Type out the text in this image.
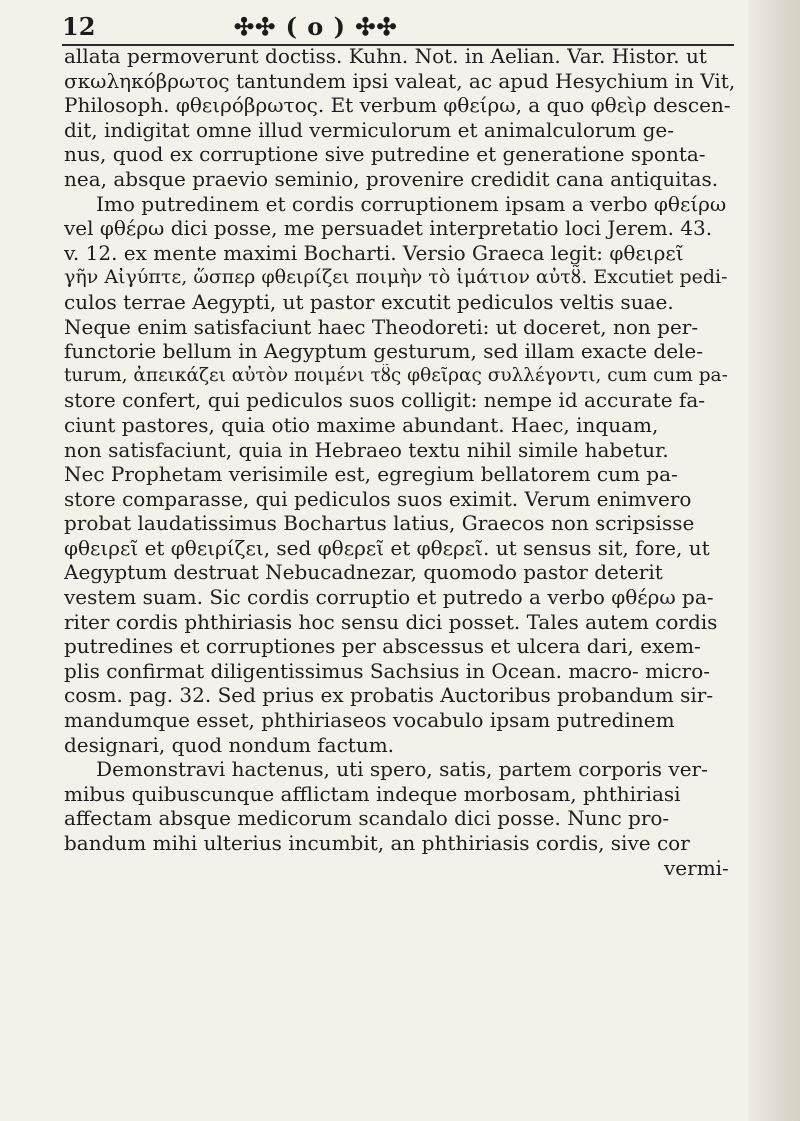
12	✣✣ ( o ) ✣✣
allata permoverunt doctiss. Kuhn. Not. in Aelian. Var. Histor. ut
σκωληκόβρωτος tantundem ipsi valeat, ac apud Hesychium in Vit,
Philosoph. φθειρόβρωτος. Et verbum φθείρω, a quo φθεὶρ descen-
dit, indigitat omne illud vermiculorum et animalculorum ge-
nus, quod ex corruptione sive putredine et generatione sponta-
nea, absque praevio seminio, provenire credidit cana antiquitas.
Imo putredinem et cordis corruptionem ipsam a verbo φθείρω
vel φθέρω dici posse, me persuadet interpretatio loci Jerem. 43.
v. 12. ex mente maximi Bocharti. Versio Graeca legit: φθειρεῖ
γῆν Αἰγύπτε, ὥσπερ φθειρίζει ποιμὴν τὸ ἱμάτιον αὐτȣ̃. Excutiet pedi-
culos terrae Aegypti, ut pastor excutit pediculos veltis suae.
Neque enim satisfaciunt haec Theodoreti: ut doceret, non per-
functorie bellum in Aegyptum gesturum, sed illam exacte dele-
turum, ἀπεικάζει αὐτὸν ποιμένι τȣ̃ς φθεῖρας συλλέγοντι, cum cum pa-
store confert, qui pediculos suos colligit: nempe id accurate fa-
ciunt pastores, quia otio maxime abundant. Haec, inquam,
non satisfaciunt, quia in Hebraeo textu nihil simile habetur.
Nec Prophetam verisimile est, egregium bellatorem cum pa-
store comparasse, qui pediculos suos eximit. Verum enimvero
probat laudatissimus Bochartus latius, Graecos non scripsisse
φθειρεῖ et φθειρίζει, sed φθερεῖ et φθερεῖ. ut sensus sit, fore, ut
Aegyptum destruat Nebucadnezar, quomodo pastor deterit
vestem suam. Sic cordis corruptio et putredo a verbo φθέρω pa-
riter cordis phthiriasis hoc sensu dici posset. Tales autem cordis
putredines et corruptiones per abscessus et ulcera dari, exem-
plis confirmat diligentissimus Sachsius in Ocean. macro- micro-
cosm. pag. 32. Sed prius ex probatis Auctoribus probandum sir-
mandumque esset, phthiriaseos vocabulo ipsam putredinem
designari, quod nondum factum.
Demonstravi hactenus, uti spero, satis, partem corporis ver-
mibus quibuscunque afflictam indeque morbosam, phthiriasi
affectam absque medicorum scandalo dici posse. Nunc pro-
bandum mihi ulterius incumbit, an phthiriasis cordis, sive cor
vermi-
